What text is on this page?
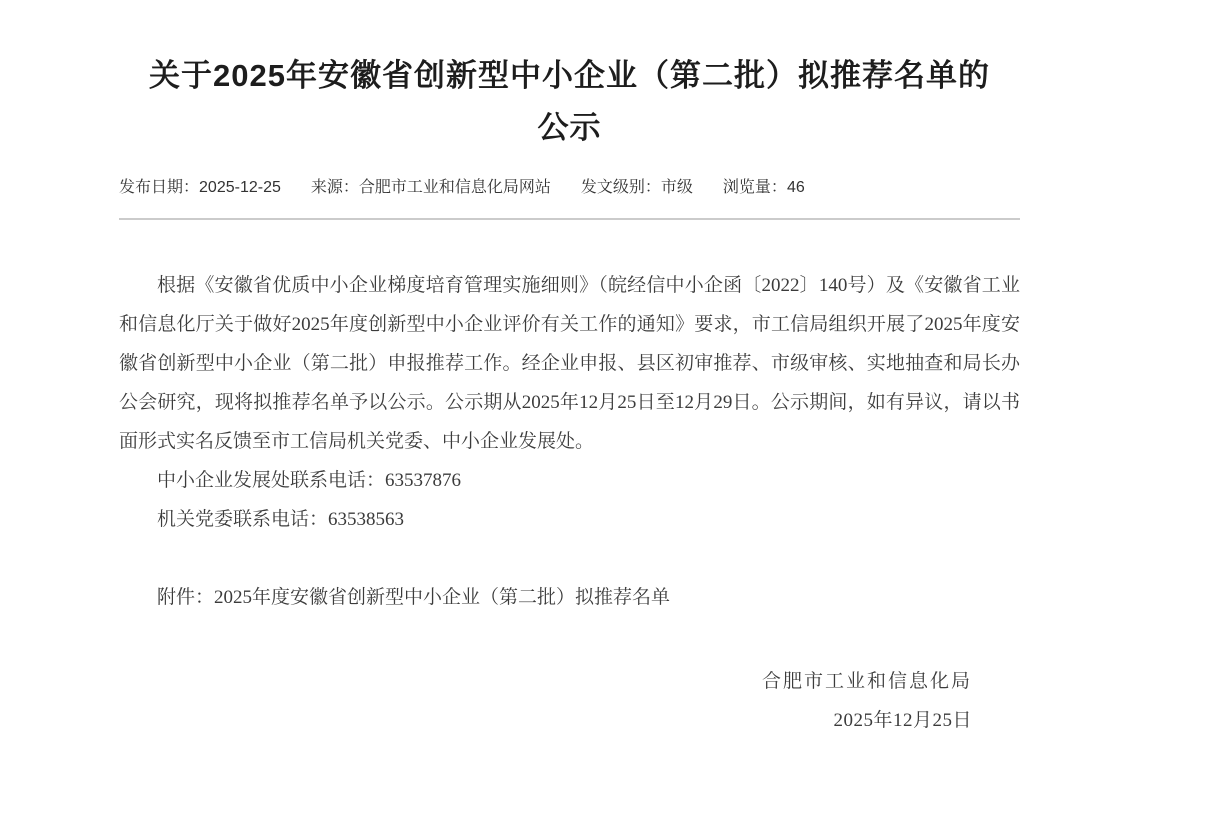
关于2025年安徽省创新型中小企业（第二批）拟推荐名单的
公示
发布日期：2025-12-25 来源：合肥市工业和信息化局网站 发文级别：市级 浏览量：46

根据《安徽省优质中小企业梯度培育管理实施细则》（皖经信中小企函〔2022〕140号）及《安徽省工业和信息化厅关于做好2025年度创新型中小企业评价有关工作的通知》要求，市工信局组织开展了2025年度安徽省创新型中小企业（第二批）申报推荐工作。经企业申报、县区初审推荐、市级审核、实地抽查和局长办公会研究，现将拟推荐名单予以公示。公示期从2025年12月25日至12月29日。公示期间，如有异议，请以书面形式实名反馈至市工信局机关党委、中小企业发展处。

中小企业发展处联系电话：63537876

机关党委联系电话：63538563

附件：2025年度安徽省创新型中小企业（第二批）拟推荐名单

合肥市工业和信息化局

2025年12月25日
